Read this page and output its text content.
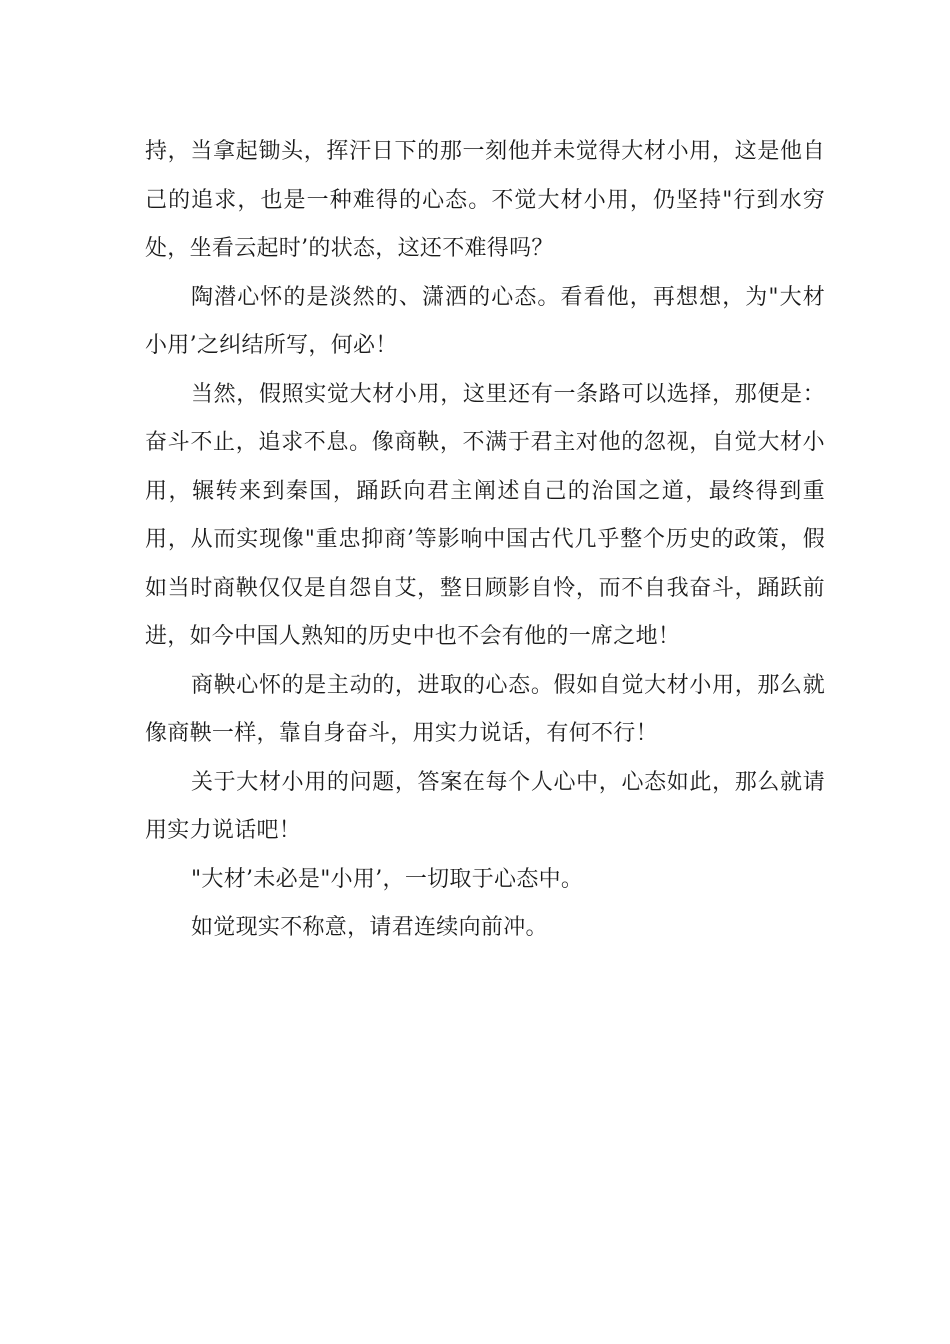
持，当拿起锄头，挥汗日下的那一刻他并未觉得大材小用，这是他自己的追求，也是一种难得的心态。不觉大材小用，仍坚持"行到水穷处，坐看云起时’的状态，这还不难得吗？

陶潜心怀的是淡然的、潇洒的心态。看看他，再想想，为"大材小用’之纠结所写，何必！

当然，假照实觉大材小用，这里还有一条路可以选择，那便是：奋斗不止，追求不息。像商鞅，不满于君主对他的忽视，自觉大材小用，辗转来到秦国，踊跃向君主阐述自己的治国之道，最终得到重用，从而实现像"重忠抑商’等影响中国古代几乎整个历史的政策，假如当时商鞅仅仅是自怨自艾，整日顾影自怜，而不自我奋斗，踊跃前进，如今中国人熟知的历史中也不会有他的一席之地！

商鞅心怀的是主动的，进取的心态。假如自觉大材小用，那么就像商鞅一样，靠自身奋斗，用实力说话，有何不行！

关于大材小用的问题，答案在每个人心中，心态如此，那么就请用实力说话吧！

"大材’未必是"小用’，一切取于心态中。

如觉现实不称意，请君连续向前冲。
